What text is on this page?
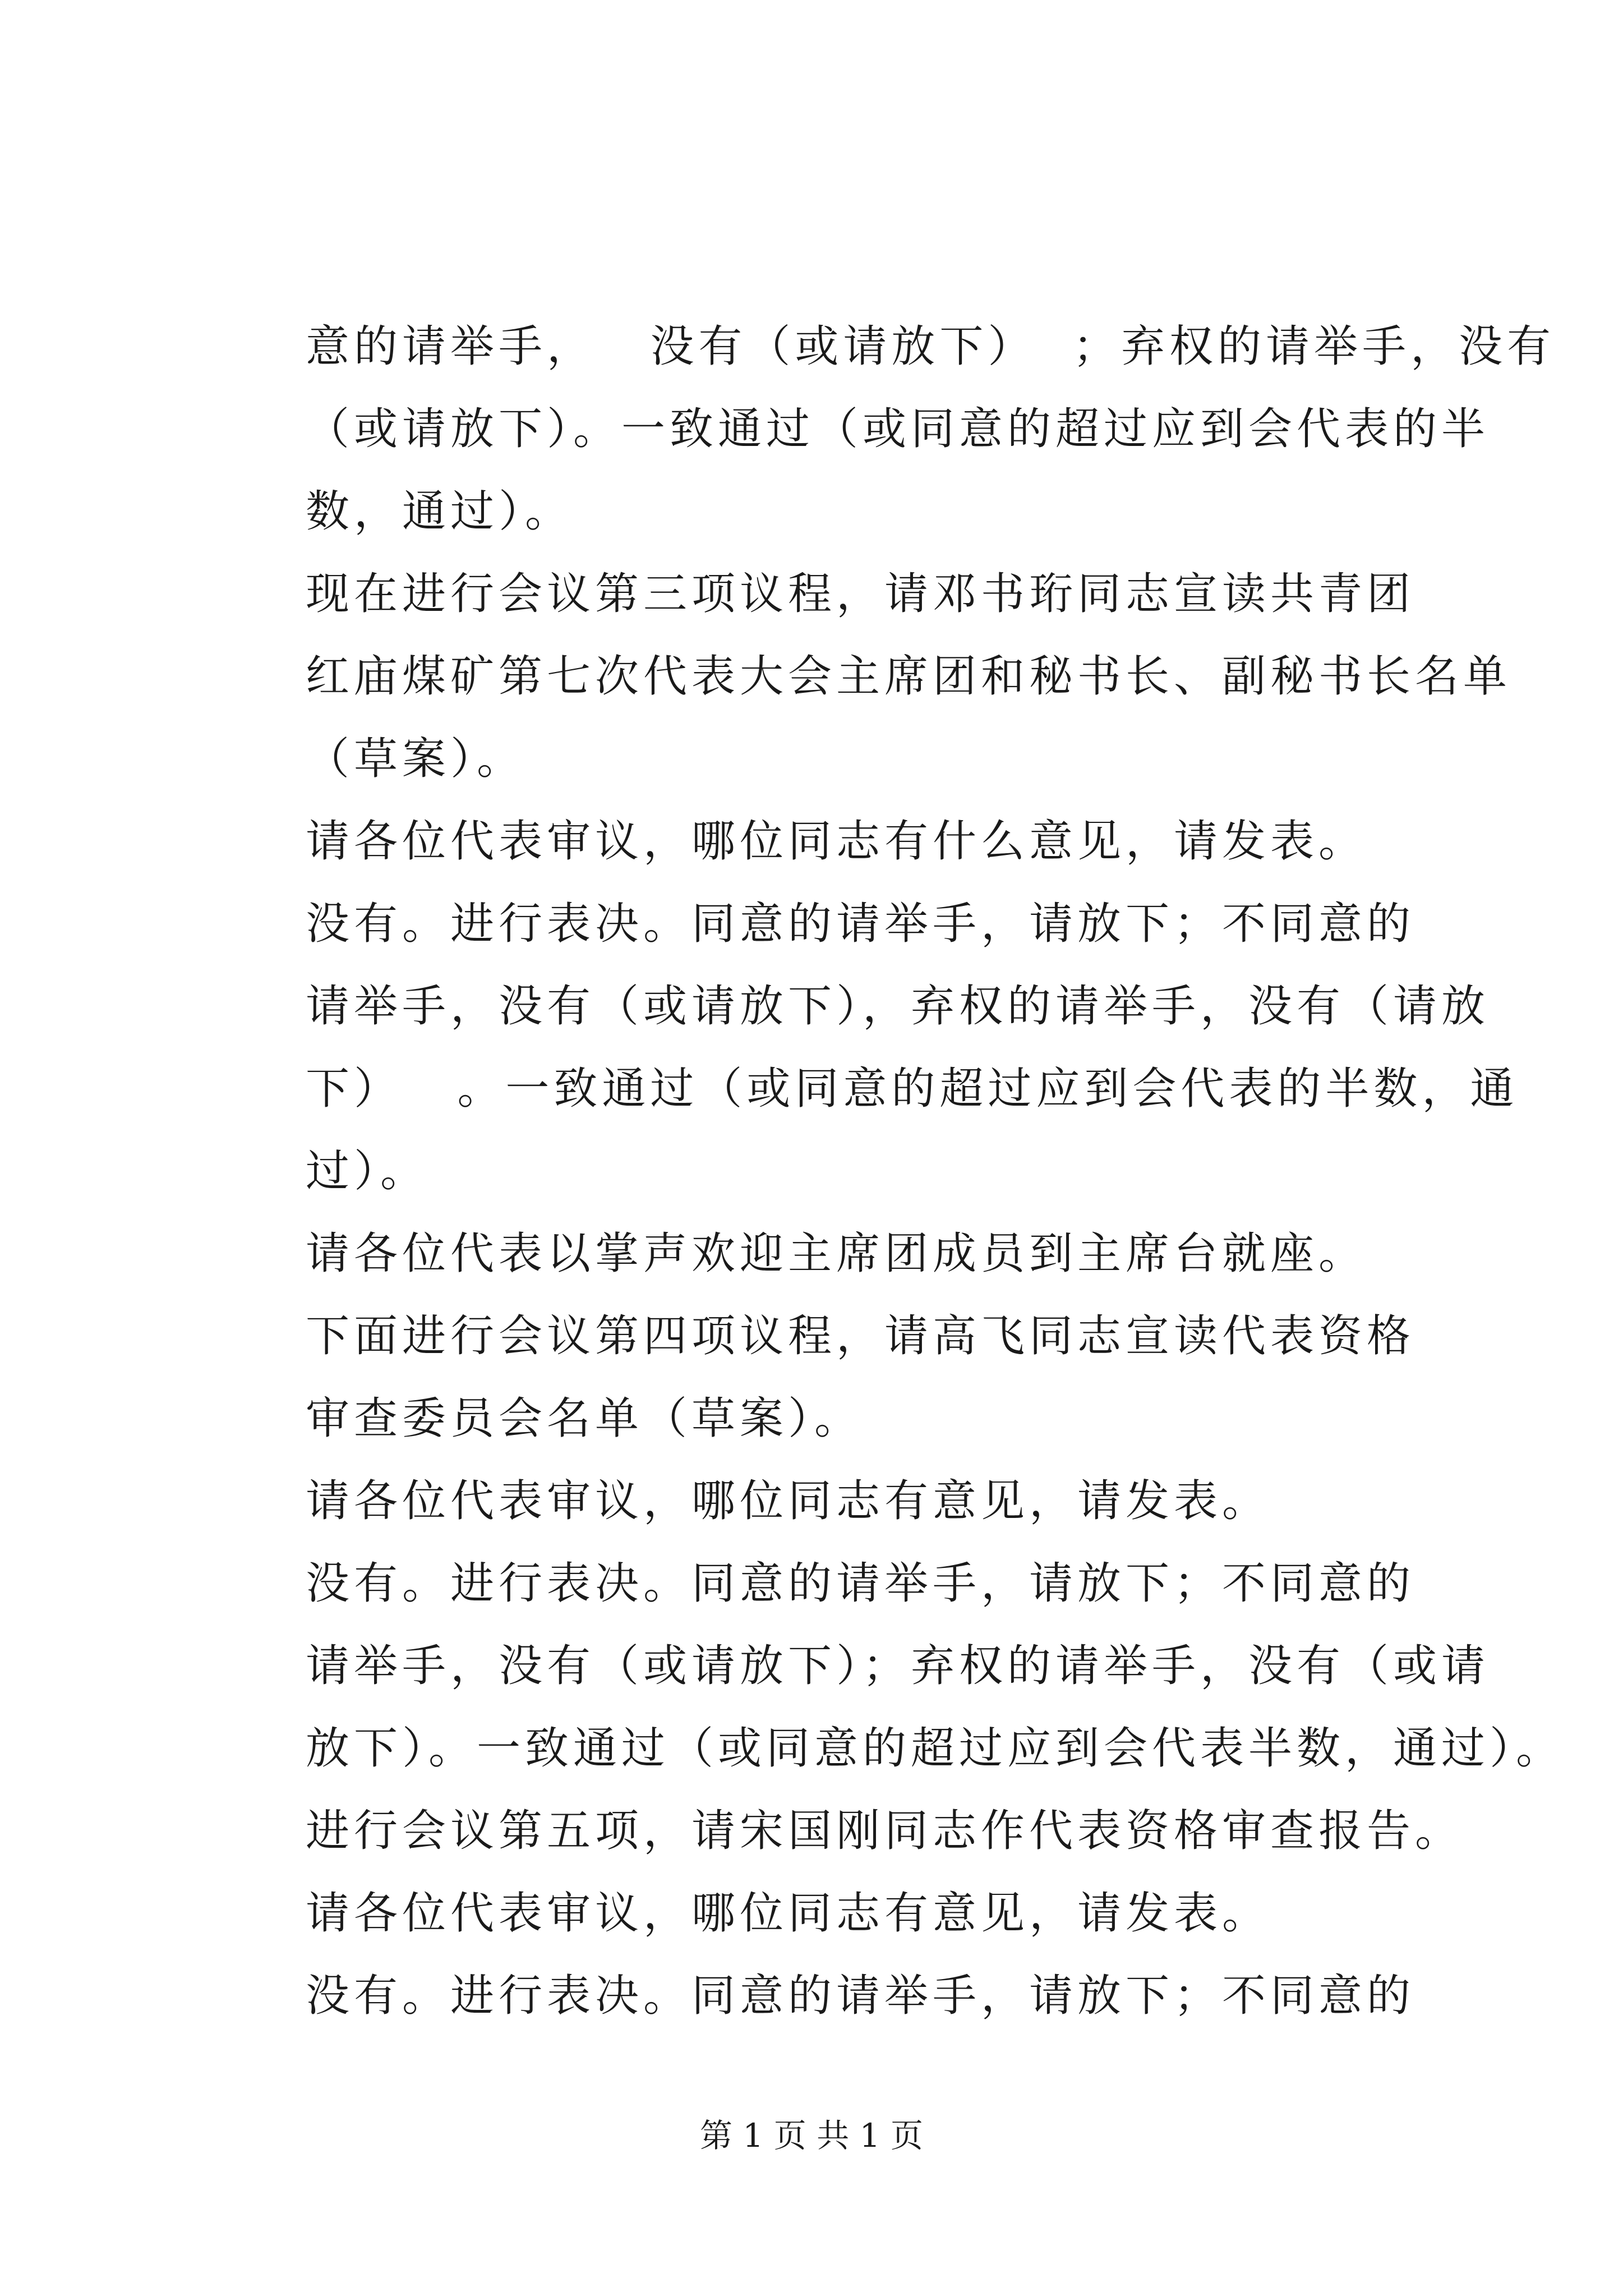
意的请举手，   没有（或请放下）  ；弃权的请举手，没有
（或请放下）。一致通过（或同意的超过应到会代表的半
数，通过）。
现在进行会议第三项议程，请邓书珩同志宣读共青团
红庙煤矿第七次代表大会主席团和秘书长、副秘书长名单
（草案）。
请各位代表审议，哪位同志有什么意见，请发表。
没有。进行表决。同意的请举手，请放下；不同意的
请举手，没有（或请放下），弃权的请举手，没有（请放
下）   。一致通过（或同意的超过应到会代表的半数，通
过）。
请各位代表以掌声欢迎主席团成员到主席台就座。
下面进行会议第四项议程，请高飞同志宣读代表资格
审查委员会名单（草案）。
请各位代表审议，哪位同志有意见，请发表。
没有。进行表决。同意的请举手，请放下；不同意的
请举手，没有（或请放下）；弃权的请举手，没有（或请
放下）。一致通过（或同意的超过应到会代表半数，通过）。
进行会议第五项，请宋国刚同志作代表资格审查报告。
请各位代表审议，哪位同志有意见，请发表。
没有。进行表决。同意的请举手，请放下；不同意的
第 1 页 共 1 页
